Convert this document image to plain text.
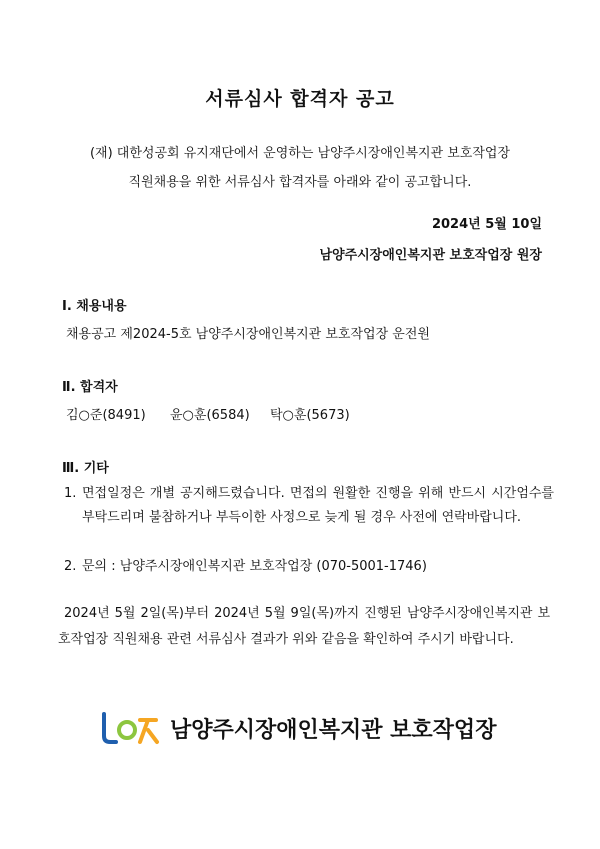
서류심사 합격자 공고
(재) 대한성공회 유지재단에서 운영하는 남양주시장애인복지관 보호작업장
직원채용을 위한 서류심사 합격자를 아래와 같이 공고합니다.
2024년 5월 10일
남양주시장애인복지관 보호작업장 원장
Ⅰ. 채용내용
채용공고 제2024-5호 남양주시장애인복지관 보호작업장 운전원
Ⅱ. 합격자
김○준(8491) 윤○훈(6584) 탁○훈(5673)
Ⅲ. 기타
1. 면접일정은 개별 공지해드렸습니다. 면접의 원활한 진행을 위해 반드시 시간엄수를 부탁드리며 불참하거나 부득이한 사정으로 늦게 될 경우 사전에 연락바랍니다.
2. 문의 : 남양주시장애인복지관 보호작업장 (070-5001-1746)
2024년 5월 2일(목)부터 2024년 5월 9일(목)까지 진행된 남양주시장애인복지관 보호작업장 직원채용 관련 서류심사 결과가 위와 같음을 확인하여 주시기 바랍니다.
남양주시장애인복지관 보호작업장
